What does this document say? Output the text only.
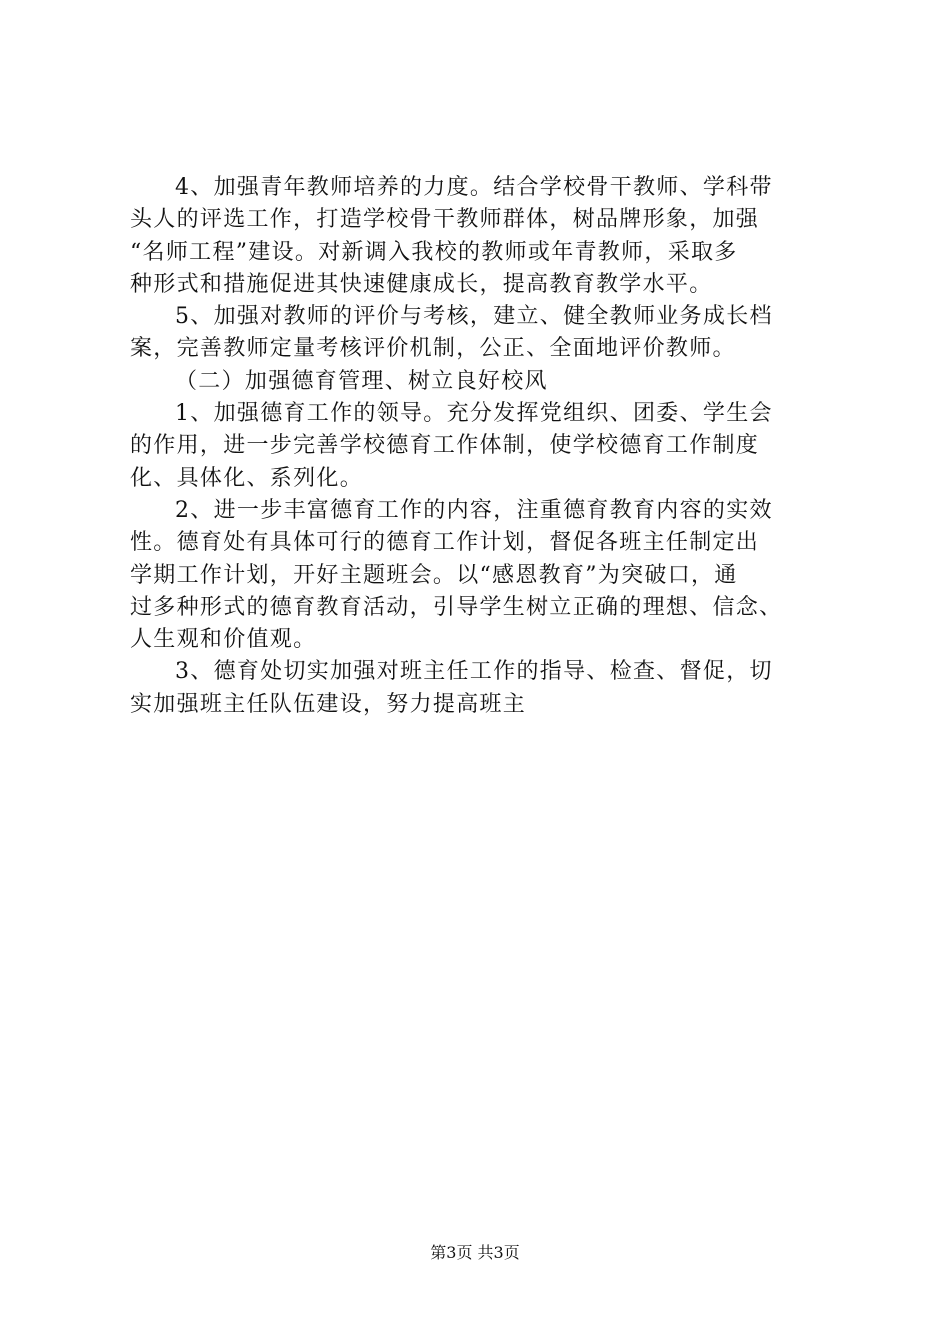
4、加强青年教师培养的力度。结合学校骨干教师、学科带
头人的评选工作，打造学校骨干教师群体，树品牌形象，加强
“名师工程”建设。对新调入我校的教师或年青教师，采取多
种形式和措施促进其快速健康成长，提高教育教学水平。
5、加强对教师的评价与考核，建立、健全教师业务成长档
案，完善教师定量考核评价机制，公正、全面地评价教师。
（二）加强德育管理、树立良好校风
1、加强德育工作的领导。充分发挥党组织、团委、学生会
的作用，进一步完善学校德育工作体制，使学校德育工作制度
化、具体化、系列化。
2、进一步丰富德育工作的内容，注重德育教育内容的实效
性。德育处有具体可行的德育工作计划，督促各班主任制定出
学期工作计划，开好主题班会。以“感恩教育”为突破口，通
过多种形式的德育教育活动，引导学生树立正确的理想、信念、
人生观和价值观。
3、德育处切实加强对班主任工作的指导、检查、督促，切
实加强班主任队伍建设，努力提高班主
第3页 共3页
